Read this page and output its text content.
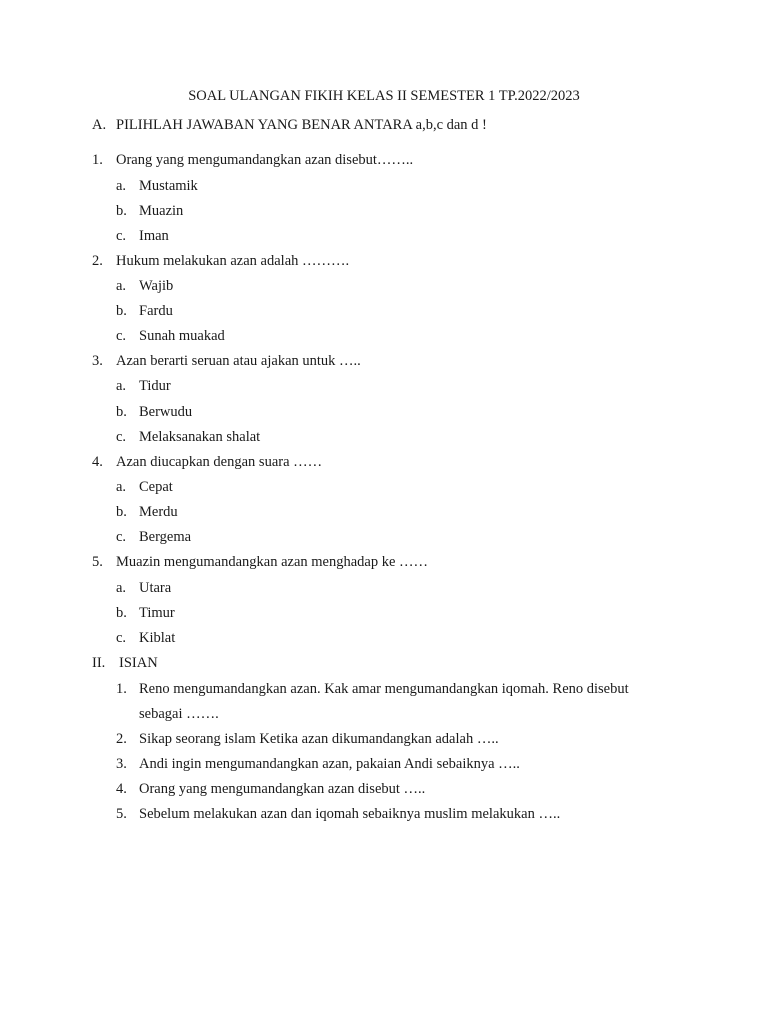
SOAL ULANGAN FIKIH KELAS II SEMESTER 1 TP.2022/2023
A. PILIHLAH JAWABAN YANG BENAR ANTARA a,b,c dan d !
1. Orang yang mengumandangkan azan disebut……..
a. Mustamik
b. Muazin
c. Iman
2. Hukum melakukan azan adalah ……….
a. Wajib
b. Fardu
c. Sunah muakad
3. Azan berarti seruan atau ajakan untuk …..
a. Tidur
b. Berwudu
c. Melaksanakan shalat
4. Azan diucapkan dengan suara ……
a. Cepat
b. Merdu
c. Bergema
5. Muazin mengumandangkan azan menghadap ke ……
a. Utara
b. Timur
c. Kiblat
II. ISIAN
1. Reno mengumandangkan azan. Kak amar mengumandangkan iqomah. Reno disebut
sebagai …….
2. Sikap seorang islam Ketika azan dikumandangkan adalah …..
3. Andi ingin mengumandangkan azan, pakaian Andi sebaiknya …..
4. Orang yang mengumandangkan azan disebut …..
5. Sebelum melakukan azan dan iqomah sebaiknya muslim melakukan …..
